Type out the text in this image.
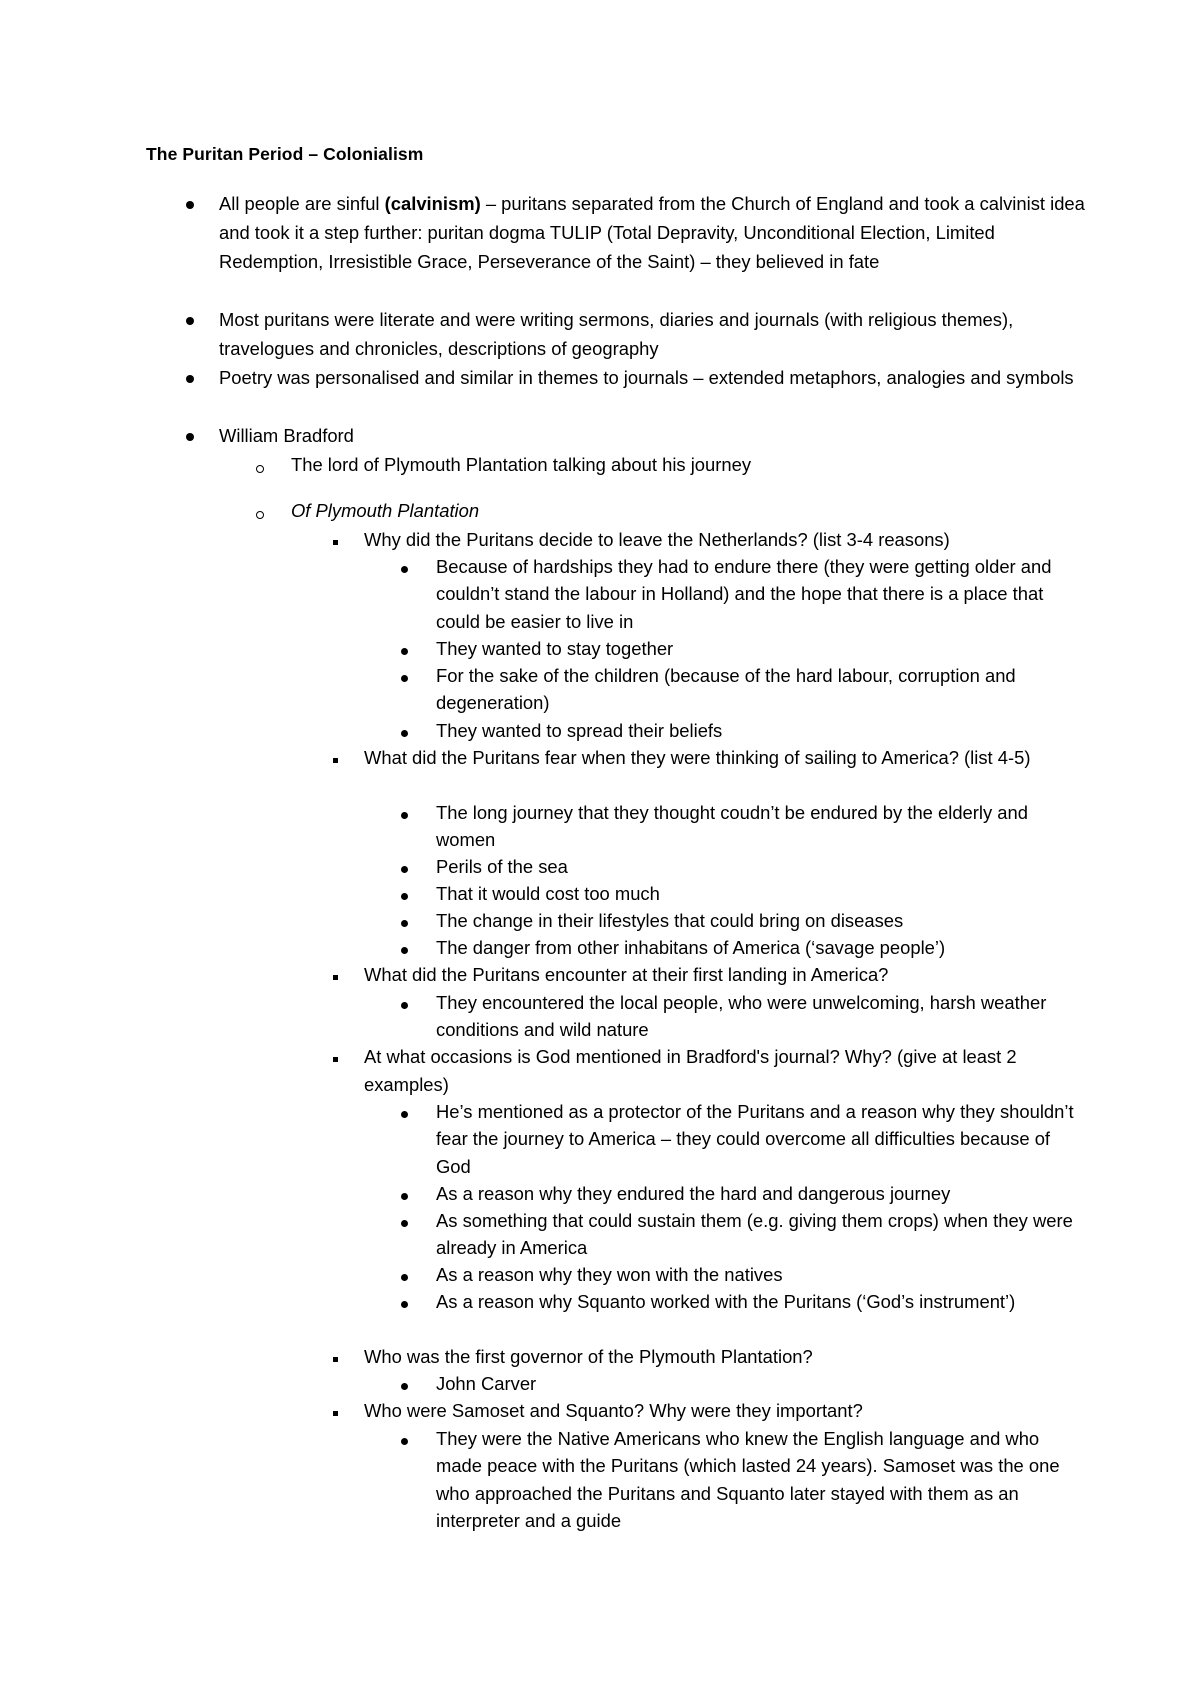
The Puritan Period – Colonialism
All people are sinful (calvinism) – puritans separated from the Church of England and took a calvinist idea and took it a step further: puritan dogma TULIP (Total Depravity, Unconditional Election, Limited Redemption, Irresistible Grace, Perseverance of the Saint) – they believed in fate
Most puritans were literate and were writing sermons, diaries and journals (with religious themes), travelogues and chronicles, descriptions of geography
Poetry was personalised and similar in themes to journals – extended metaphors, analogies and symbols
William Bradford
The lord of Plymouth Plantation talking about his journey
Of Plymouth Plantation
Why did the Puritans decide to leave the Netherlands? (list 3-4 reasons)
Because of hardships they had to endure there (they were getting older and couldn’t stand the labour in Holland) and the hope that there is a place that could be easier to live in
They wanted to stay together
For the sake of the children (because of the hard labour, corruption and degeneration)
They wanted to spread their beliefs
What did the Puritans fear when they were thinking of sailing to America? (list 4-5)
The long journey that they thought coudn’t be endured by the elderly and women
Perils of the sea
That it would cost too much
The change in their lifestyles that could bring on diseases
The danger from other inhabitans of America (‘savage people’)
What did the Puritans encounter at their first landing in America?
They encountered the local people, who were unwelcoming, harsh weather conditions and wild nature
At what occasions is God mentioned in Bradford's journal? Why? (give at least 2 examples)
He’s mentioned as a protector of the Puritans and a reason why they shouldn’t fear the journey to America – they could overcome all difficulties because of God
As a reason why they endured the hard and dangerous journey
As something that could sustain them (e.g. giving them crops) when they were already in America
As a reason why they won with the natives
As a reason why Squanto worked with the Puritans (‘God’s instrument’)
Who was the first governor of the Plymouth Plantation?
John Carver
Who were Samoset and Squanto? Why were they important?
They were the Native Americans who knew the English language and who made peace with the Puritans (which lasted 24 years). Samoset was the one who approached the Puritans and Squanto later stayed with them as an interpreter and a guide
